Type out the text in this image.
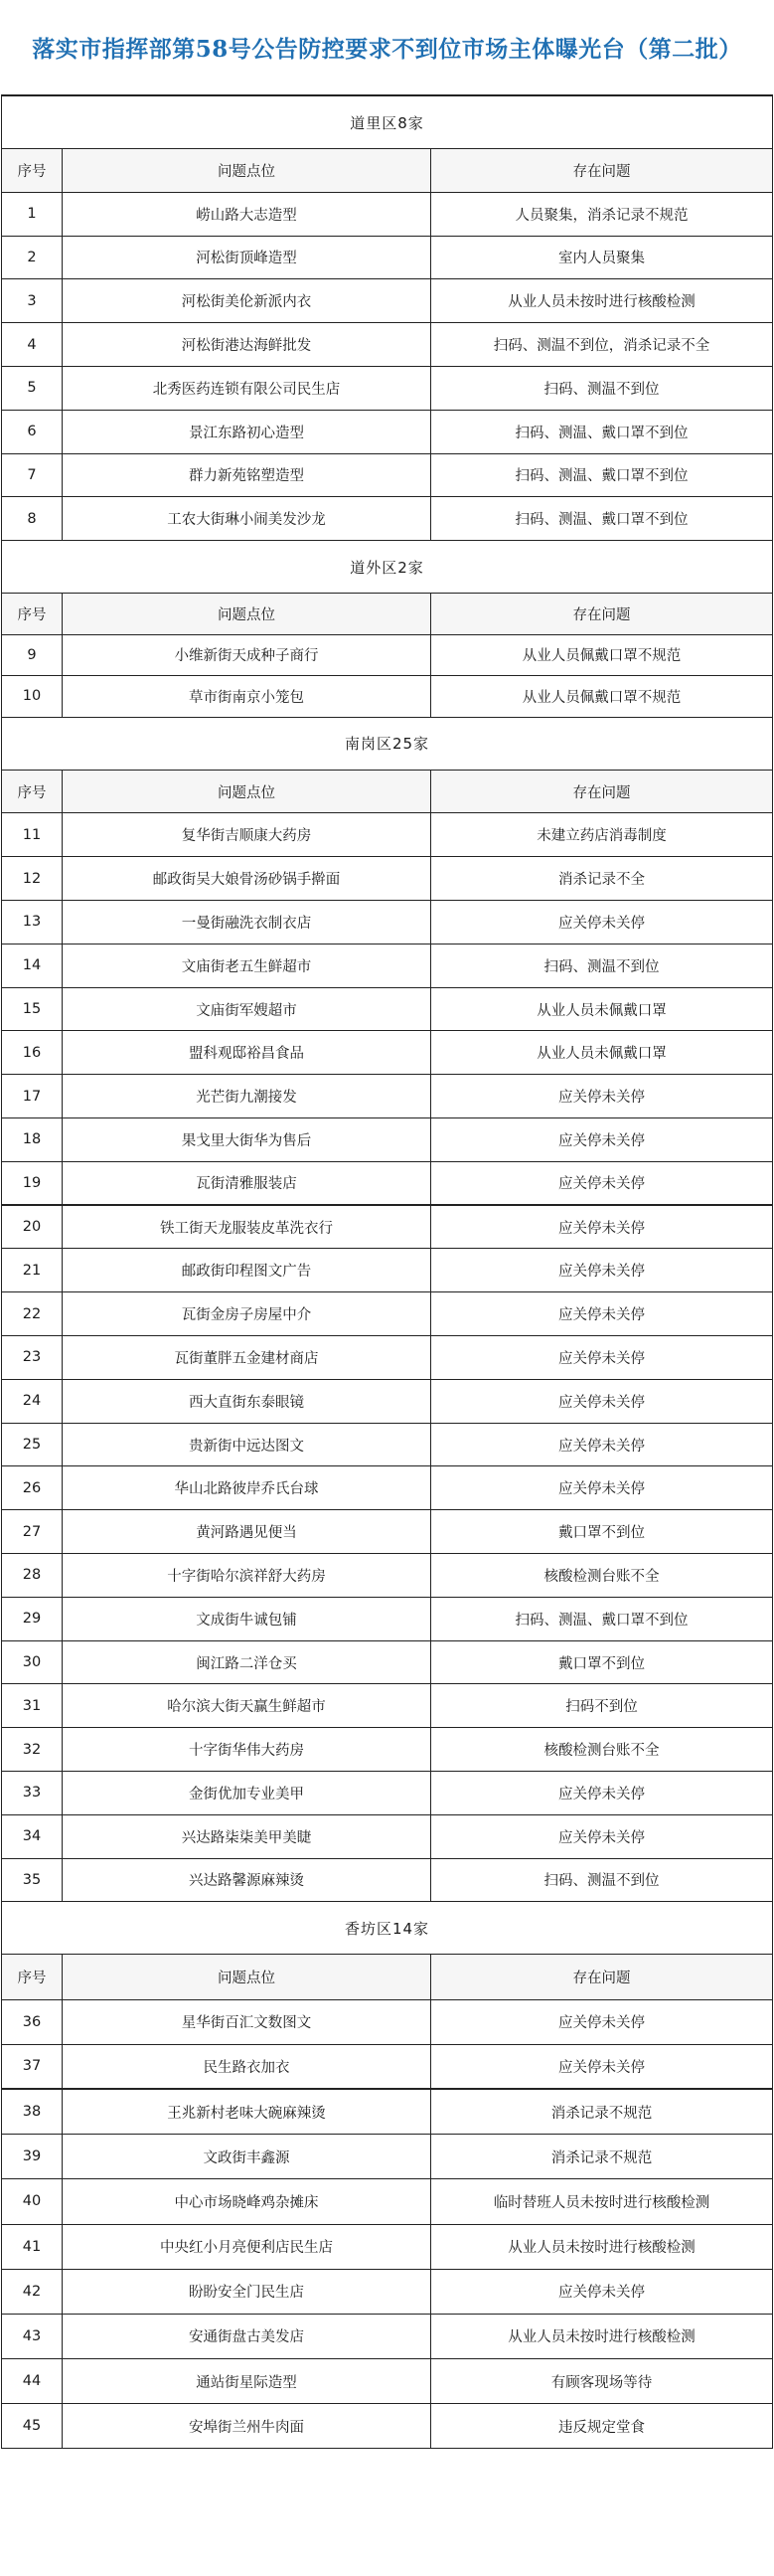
落实市指挥部第58号公告防控要求不到位市场主体曝光台（第二批）
道里区8家
序号	问题点位	存在问题
1	崂山路大志造型	人员聚集，消杀记录不规范
2	河松街顶峰造型	室内人员聚集
3	河松街美伦新派内衣	从业人员未按时进行核酸检测
4	河松街港达海鲜批发	扫码、测温不到位，消杀记录不全
5	北秀医药连锁有限公司民生店	扫码、测温不到位
6	景江东路初心造型	扫码、测温、戴口罩不到位
7	群力新苑铭塑造型	扫码、测温、戴口罩不到位
8	工农大街琳小闹美发沙龙	扫码、测温、戴口罩不到位
道外区2家
序号	问题点位	存在问题
9	小维新街天成种子商行	从业人员佩戴口罩不规范
10	草市街南京小笼包	从业人员佩戴口罩不规范
南岗区25家
序号	问题点位	存在问题
11	复华街吉顺康大药房	未建立药店消毒制度
12	邮政街吴大娘骨汤砂锅手擀面	消杀记录不全
13	一曼街融洗衣制衣店	应关停未关停
14	文庙街老五生鲜超市	扫码、测温不到位
15	文庙街军嫂超市	从业人员未佩戴口罩
16	盟科观邸裕昌食品	从业人员未佩戴口罩
17	光芒街九潮接发	应关停未关停
18	果戈里大街华为售后	应关停未关停
19	瓦街清雅服装店	应关停未关停
20	铁工街天龙服装皮革洗衣行	应关停未关停
21	邮政街印程图文广告	应关停未关停
22	瓦街金房子房屋中介	应关停未关停
23	瓦街董胖五金建材商店	应关停未关停
24	西大直街东泰眼镜	应关停未关停
25	贵新街中远达图文	应关停未关停
26	华山北路彼岸乔氏台球	应关停未关停
27	黄河路遇见便当	戴口罩不到位
28	十字街哈尔滨祥舒大药房	核酸检测台账不全
29	文成街牛诚包铺	扫码、测温、戴口罩不到位
30	闽江路二洋仓买	戴口罩不到位
31	哈尔滨大街天赢生鲜超市	扫码不到位
32	十字街华伟大药房	核酸检测台账不全
33	金街优加专业美甲	应关停未关停
34	兴达路柒柒美甲美睫	应关停未关停
35	兴达路馨源麻辣烫	扫码、测温不到位
香坊区14家
序号	问题点位	存在问题
36	星华街百汇文数图文	应关停未关停
37	民生路衣加衣	应关停未关停
38	王兆新村老味大碗麻辣烫	消杀记录不规范
39	文政街丰鑫源	消杀记录不规范
40	中心市场晓峰鸡杂摊床	临时替班人员未按时进行核酸检测
41	中央红小月亮便利店民生店	从业人员未按时进行核酸检测
42	盼盼安全门民生店	应关停未关停
43	安通街盘古美发店	从业人员未按时进行核酸检测
44	通站街星际造型	有顾客现场等待
45	安埠街兰州牛肉面	违反规定堂食
